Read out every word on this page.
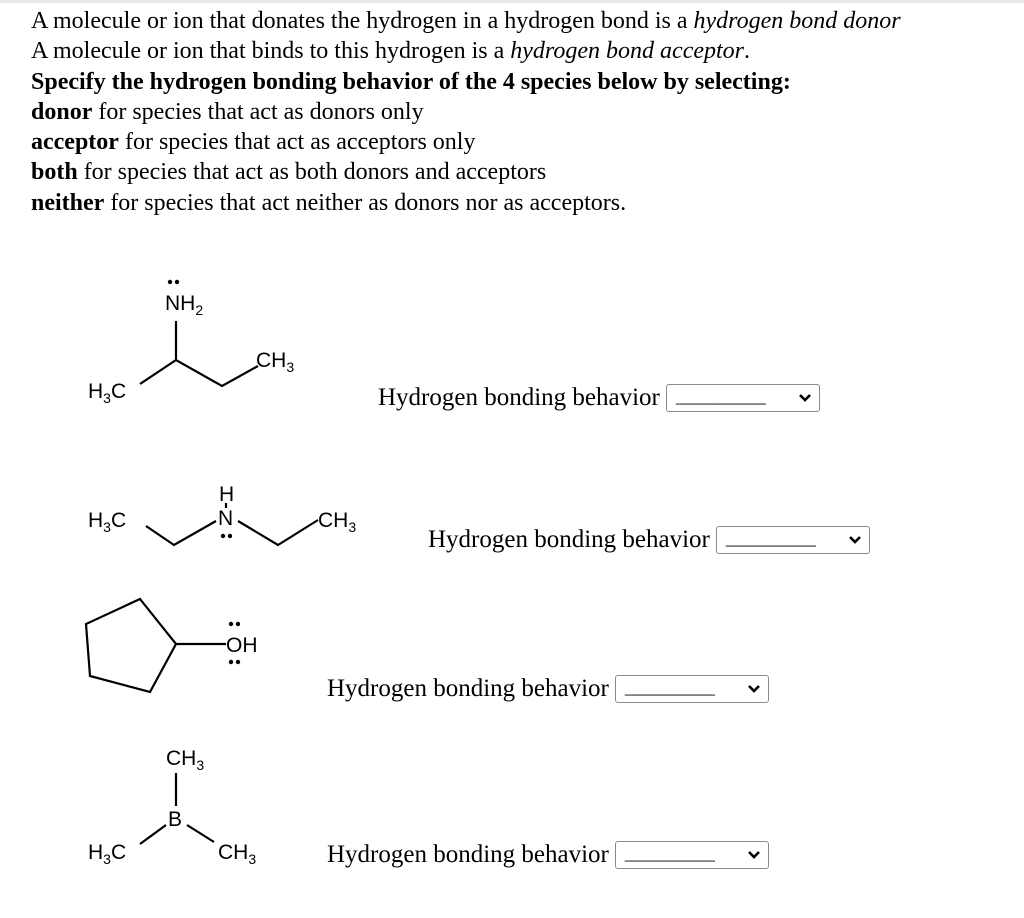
A molecule or ion that donates the hydrogen in a hydrogen bond is a hydrogen bond donor
A molecule or ion that binds to this hydrogen is a hydrogen bond acceptor.
Specify the hydrogen bonding behavior of the 4 species below by selecting:
donor for species that act as donors only
acceptor for species that act as acceptors only
both for species that act as both donors and acceptors
neither for species that act neither as donors nor as acceptors.
$NH_2$
$CH_3$
$H_3C$
$H_3C$
H
N	$CH_3$
OH
$CH_3$
B
$H_3C$	$CH_3$
Hydrogen bonding behavior __________
Hydrogen bonding behavior __________
Hydrogen bonding behavior __________
Hydrogen bonding behavior __________
